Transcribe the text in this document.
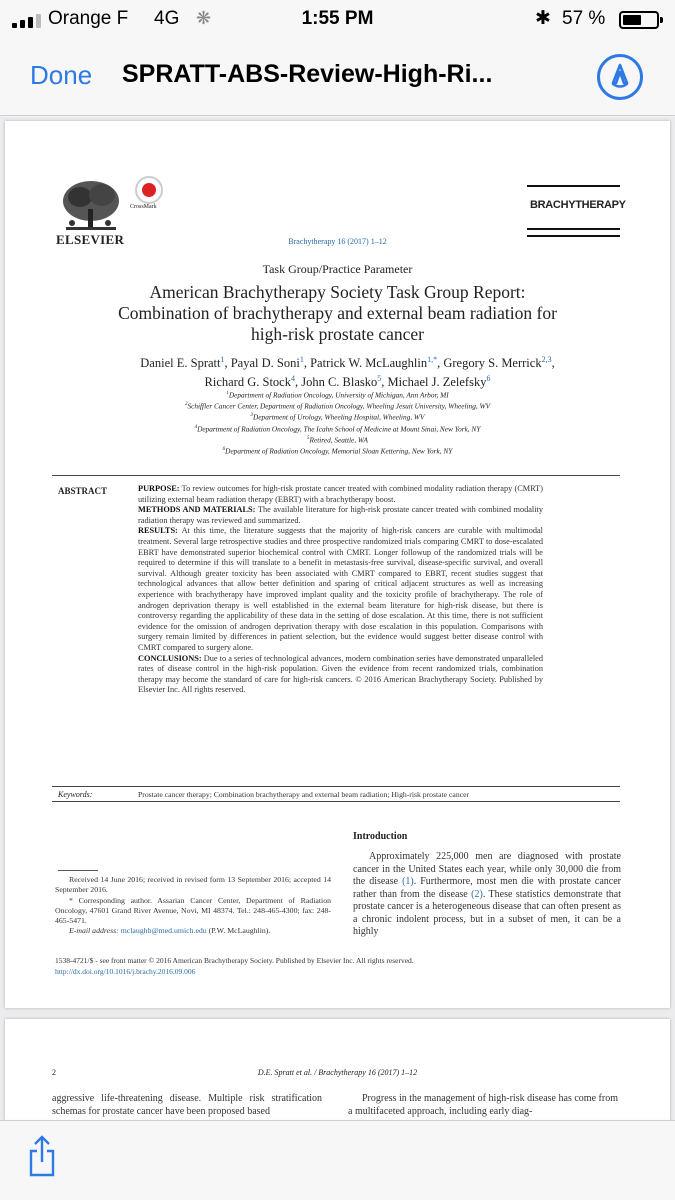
Orange F 4G ❋	1:55 PM	✱ 57 %
Done SPRATT-ABS-Review-High-Ri...
ELSEVIER
CrossMark	BRACHYTHERAPY
Brachytherapy 16 (2017) 1–12
Task Group/Practice Parameter
American Brachytherapy Society Task Group Report:
Combination of brachytherapy and external beam radiation for
high-risk prostate cancer
Daniel E. Spratt$^1$, Payal D. Soni$^1$, Patrick W. McLaughlin$^{1,*}$, Gregory S. Merrick$^{2,3}$,
Richard G. Stock$^4$, John C. Blasko$^5$, Michael J. Zelefsky$^6$
$^1$Department of Radiation Oncology, University of Michigan, Ann Arbor, MI
$^2$Schiffler Cancer Center, Department of Radiation Oncology, Wheeling Jesuit University, Wheeling, WV
$^3$Department of Urology, Wheeling Hospital, Wheeling, WV
$^4$Department of Radiation Oncology, The Icahn School of Medicine at Mount Sinai, New York, NY
$^5$Retired, Seattle, WA
$^6$Department of Radiation Oncology, Memorial Sloan Kettering, New York, NY
ABSTRACT	PURPOSE: To review outcomes for high-risk prostate cancer treated with combined modality radiation therapy (CMRT) utilizing external beam radiation therapy (EBRT) with a brachytherapy boost.

METHODS AND MATERIALS: The available literature for high-risk prostate cancer treated with combined modality radiation therapy was reviewed and summarized.

RESULTS: At this time, the literature suggests that the majority of high-risk cancers are curable with multimodal treatment. Several large retrospective studies and three prospective randomized trials comparing CMRT to dose-escalated EBRT have demonstrated superior biochemical control with CMRT. Longer followup of the randomized trials will be required to determine if this will translate to a benefit in metastasis-free survival, disease-specific survival, and overall survival. Although greater toxicity has been associated with CMRT compared to EBRT, recent studies suggest that technological advances that allow better definition and sparing of critical adjacent structures as well as increasing experience with brachytherapy have improved implant quality and the toxicity profile of brachytherapy. The role of androgen deprivation therapy is well established in the external beam literature for high-risk disease, but there is controversy regarding the applicability of these data in the setting of dose escalation. At this time, there is not sufficient evidence for the omission of androgen deprivation therapy with dose escalation in this population. Comparisons with surgery remain limited by differences in patient selection, but the evidence would suggest better disease control with CMRT compared to surgery alone.

CONCLUSIONS: Due to a series of technological advances, modern combination series have demonstrated unparalleled rates of disease control in the high-risk population. Given the evidence from recent randomized trials, combination therapy may become the standard of care for high-risk cancers. © 2016 American Brachytherapy Society. Published by Elsevier Inc. All rights reserved.

Keywords:	Prostate cancer therapy; Combination brachytherapy and external beam radiation; High-risk prostate cancer
Introduction
Approximately 225,000 men are diagnosed with prostate cancer in the United States each year, while only 30,000 die from the disease (1). Furthermore, most men die with prostate cancer rather than from the disease (2). These statistics demonstrate that prostate cancer is a heterogeneous disease that can often present as a chronic indolent process, but in a subset of men, it can be a highly

Received 14 June 2016; received in revised form 13 September 2016; accepted 14 September 2016.

* Corresponding author. Assarian Cancer Center, Department of Radiation Oncology, 47601 Grand River Avenue, Novi, MI 48374. Tel.: 248-465-4300; fax: 248-465-5471.

E-mail address: mclaughb@med.umich.edu (P.W. McLaughlin).

1538-4721/$ - see front matter © 2016 American Brachytherapy Society. Published by Elsevier Inc. All rights reserved.
http://dx.doi.org/10.1016/j.brachy.2016.09.006
2	D.E. Spratt et al. / Brachytherapy 16 (2017) 1–12
aggressive life-threatening disease. Multiple risk stratification schemas for prostate cancer have been proposed based
Progress in the management of high-risk disease has come from a multifaceted approach, including early diag-
